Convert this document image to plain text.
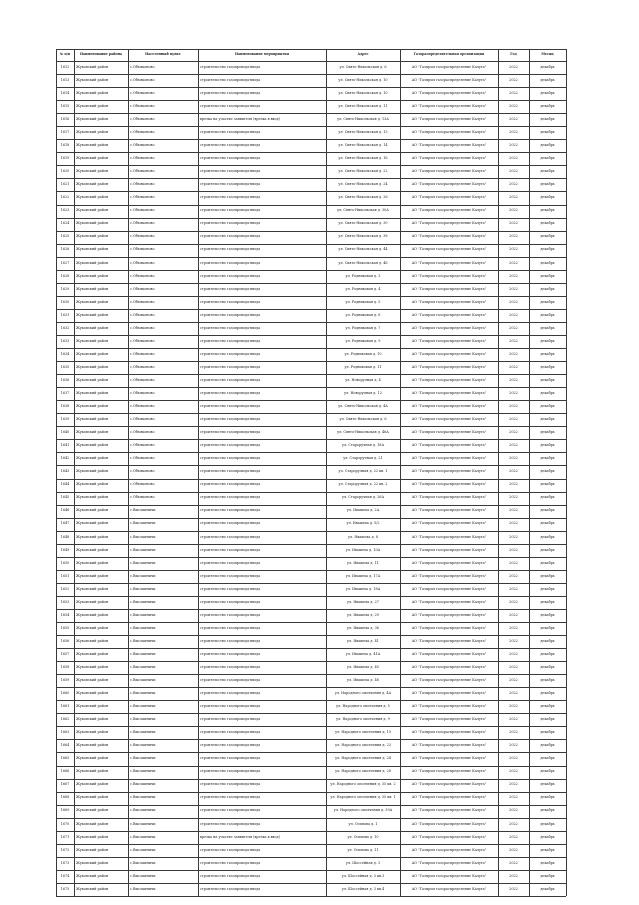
№ п/п	Наименование района	Населенный пункт	Наименование мероприятия	Адрес	Газораспределительная организация	Год	Месяц
1612	Жуковский район	с.Объяконово	строительство газопровода-ввода	ул. Свято-Никольская д. 6	АО "Газпром газораспределение Калуга"	2022	декабрь
1613	Жуковский район	с.Объяконово	строительство газопровода-ввода	ул. Свято-Никольская д. 10	АО "Газпром газораспределение Калуга"	2022	декабрь
1614	Жуковский район	с.Объяконово	строительство газопровода-ввода	ул. Свято-Никольская д. 10	АО "Газпром газораспределение Калуга"	2022	декабрь
1615	Жуковский район	с.Объяконово	строительство газопровода-ввода	ул. Свято-Никольская д. 11	АО "Газпром газораспределение Калуга"	2022	декабрь
1616	Жуковский район	с.Объяконово	врезка на участке заявителя (врезка в ввод)	ул. Свято-Никольская д. 13А	АО "Газпром газораспределение Калуга"	2022	декабрь
1617	Жуковский район	с.Объяконово	строительство газопровода-ввода	ул. Свято-Никольская д. 13	АО "Газпром газораспределение Калуга"	2022	декабрь
1618	Жуковский район	с.Объяконово	строительство газопровода-ввода	ул. Свято-Никольская д. 14	АО "Газпром газораспределение Калуга"	2022	декабрь
1619	Жуковский район	с.Объяконово	строительство газопровода-ввода	ул. Свято-Никольская д. 16	АО "Газпром газораспределение Калуга"	2022	декабрь
1620	Жуковский район	с.Объяконово	строительство газопровода-ввода	ул. Свято-Никольская д. 22	АО "Газпром газораспределение Калуга"	2022	декабрь
1621	Жуковский район	с.Объяконово	строительство газопровода-ввода	ул. Свято-Никольская д. 24	АО "Газпром газораспределение Калуга"	2022	декабрь
1622	Жуковский район	с.Объяконово	строительство газопровода-ввода	ул. Свято-Никольская д. 26	АО "Газпром газораспределение Калуга"	2022	декабрь
1623	Жуковский район	с.Объяконово	строительство газопровода-ввода	ул. Свято-Никольская д. 30А	АО "Газпром газораспределение Калуга"	2022	декабрь
1624	Жуковский район	с.Объяконово	строительство газопровода-ввода	ул. Свято-Никольская д. 30	АО "Газпром газораспределение Калуга"	2022	декабрь
1625	Жуковский район	с.Объяконово	строительство газопровода-ввода	ул. Свято-Никольская д. 38	АО "Газпром газораспределение Калуга"	2022	декабрь
1626	Жуковский район	с.Объяконово	строительство газопровода-ввода	ул. Свято-Никольская д. 44	АО "Газпром газораспределение Калуга"	2022	декабрь
1627	Жуковский район	с.Объяконово	строительство газопровода-ввода	ул. Свято-Никольская д. 46	АО "Газпром газораспределение Калуга"	2022	декабрь
1628	Жуковский район	с.Объяконово	строительство газопровода-ввода	ул. Родниковая д. 3	АО "Газпром газораспределение Калуга"	2022	декабрь
1629	Жуковский район	с.Объяконово	строительство газопровода-ввода	ул. Родниковая д. 4	АО "Газпром газораспределение Калуга"	2022	декабрь
1630	Жуковский район	с.Объяконово	строительство газопровода-ввода	ул. Родниковая д. 5	АО "Газпром газораспределение Калуга"	2022	декабрь
1631	Жуковский район	с.Объяконово	строительство газопровода-ввода	ул. Родниковая д. 6	АО "Газпром газораспределение Калуга"	2022	декабрь
1632	Жуковский район	с.Объяконово	строительство газопровода-ввода	ул. Родниковая д. 7	АО "Газпром газораспределение Калуга"	2022	декабрь
1633	Жуковский район	с.Объяконово	строительство газопровода-ввода	ул. Родниковая д. 9	АО "Газпром газораспределение Калуга"	2022	декабрь
1634	Жуковский район	с.Объяконово	строительство газопровода-ввода	ул. Родниковая д. 10	АО "Газпром газораспределение Калуга"	2022	декабрь
1635	Жуковский район	с.Объяконово	строительство газопровода-ввода	ул. Родниковая д. 11	АО "Газпром газораспределение Калуга"	2022	декабрь
1636	Жуковский район	с.Объяконово	строительство газопровода-ввода	ул. Новоручная д. 4	АО "Газпром газораспределение Калуга"	2022	декабрь
1637	Жуковский район	с.Объяконово	строительство газопровода-ввода	ул. Новоручная д. 12	АО "Газпром газораспределение Калуга"	2022	декабрь
1638	Жуковский район	с.Объяконово	строительство газопровода-ввода	ул. Свято-Никольская д. 4А	АО "Газпром газораспределение Калуга"	2022	декабрь
1639	Жуковский район	с.Объяконово	строительство газопровода-ввода	ул. Свято-Никольская д. 6	АО "Газпром газораспределение Калуга"	2022	декабрь
1640	Жуковский район	с.Объяконово	строительство газопровода-ввода	ул. Свято-Никольская д. 46А	АО "Газпром газораспределение Калуга"	2022	декабрь
1641	Жуковский район	с.Объяконово	строительство газопровода-ввода	ул. Староручная д. 18А	АО "Газпром газораспределение Калуга"	2022	декабрь
1642	Жуковский район	с.Объяконово	строительство газопровода-ввода	ул. Староручная д. 21	АО "Газпром газораспределение Калуга"	2022	декабрь
1643	Жуковский район	с.Объяконово	строительство газопровода-ввода	ул. Староручная д. 22 кв. 1	АО "Газпром газораспределение Калуга"	2022	декабрь
1644	Жуковский район	с.Объяконово	строительство газопровода-ввода	ул. Староручная д. 22 кв. 2	АО "Газпром газораспределение Калуга"	2022	декабрь
1645	Жуковский район	с.Объяконово	строительство газопровода-ввода	ул. Староручная д. 26А	АО "Газпром газораспределение Калуга"	2022	декабрь
1646	Жуковский район	с.Высокиничи	строительство газопровода-ввода	ул. Ивашеха д. 2А	АО "Газпром газораспределение Калуга"	2022	декабрь
1647	Жуковский район	с.Высокиничи	строительство газопровода-ввода	ул. Ивашеха д. 5/2	АО "Газпром газораспределение Калуга"	2022	декабрь
1648	Жуковский район	с.Высокиничи	строительство газопровода-ввода	ул. Ивашеха д. 8	АО "Газпром газораспределение Калуга"	2022	декабрь
1649	Жуковский район	с.Высокиничи	строительство газопровода-ввода	ул. Ивашеха д. 10А	АО "Газпром газораспределение Калуга"	2022	декабрь
1650	Жуковский район	с.Высокиничи	строительство газопровода-ввода	ул. Ивашеха д. 11	АО "Газпром газораспределение Калуга"	2022	декабрь
1651	Жуковский район	с.Высокиничи	строительство газопровода-ввода	ул. Ивашеха д. 17А	АО "Газпром газораспределение Калуга"	2022	декабрь
1652	Жуковский район	с.Высокиничи	строительство газопровода-ввода	ул. Ивашеха д. 18А	АО "Газпром газораспределение Калуга"	2022	декабрь
1653	Жуковский район	с.Высокиничи	строительство газопровода-ввода	ул. Ивашеха д. 27	АО "Газпром газораспределение Калуга"	2022	декабрь
1654	Жуковский район	с.Высокиничи	строительство газопровода-ввода	ул. Ивашеха д. 29	АО "Газпром газораспределение Калуга"	2022	декабрь
1655	Жуковский район	с.Высокиничи	строительство газопровода-ввода	ул. Ивашеха д. 36	АО "Газпром газораспределение Калуга"	2022	декабрь
1656	Жуковский район	с.Высокиничи	строительство газопровода-ввода	ул. Ивашеха д. 41	АО "Газпром газораспределение Калуга"	2022	декабрь
1657	Жуковский район	с.Высокиничи	строительство газопровода-ввода	ул. Ивашеха д. 41А	АО "Газпром газораспределение Калуга"	2022	декабрь
1658	Жуковский район	с.Высокиничи	строительство газопровода-ввода	ул. Ивашеха д. 45	АО "Газпром газораспределение Калуга"	2022	декабрь
1659	Жуковский район	с.Высокиничи	строительство газопровода-ввода	ул. Ивашеха д. 48	АО "Газпром газораспределение Калуга"	2022	декабрь
1660	Жуковский район	с.Высокиничи	строительство газопровода-ввода	ул. Народного ополчения д. 4А	АО "Газпром газораспределение Калуга"	2022	декабрь
1661	Жуковский район	с.Высокиничи	строительство газопровода-ввода	ул. Народного ополчения д. 5	АО "Газпром газораспределение Калуга"	2022	декабрь
1662	Жуковский район	с.Высокиничи	строительство газопровода-ввода	ул. Народного ополчения д. 9	АО "Газпром газораспределение Калуга"	2022	декабрь
1663	Жуковский район	с.Высокиничи	строительство газопровода-ввода	ул. Народного ополчения д. 19	АО "Газпром газораспределение Калуга"	2022	декабрь
1664	Жуковский район	с.Высокиничи	строительство газопровода-ввода	ул. Народного ополчения д. 23	АО "Газпром газораспределение Калуга"	2022	декабрь
1665	Жуковский район	с.Высокиничи	строительство газопровода-ввода	ул. Народного ополчения д. 24	АО "Газпром газораспределение Калуга"	2022	декабрь
1666	Жуковский район	с.Высокиничи	строительство газопровода-ввода	ул. Народного ополчения д. 28	АО "Газпром газораспределение Калуга"	2022	декабрь
1667	Жуковский район	с.Высокиничи	строительство газопровода-ввода	ул. Народного ополчения д. 35 кв. 2	АО "Газпром газораспределение Калуга"	2022	декабрь
1668	Жуковский район	с.Высокиничи	строительство газопровода-ввода	ул. Народного ополчения д. 35 кв. 1	АО "Газпром газораспределение Калуга"	2022	декабрь
1669	Жуковский район	с.Высокиничи	строительство газопровода-ввода	ул. Народного ополчения д. 39А	АО "Газпром газораспределение Калуга"	2022	декабрь
1670	Жуковский район	с.Высокиничи	строительство газопровода-ввода	ул. Осипова д. 1	АО "Газпром газораспределение Калуга"	2022	декабрь
1671	Жуковский район	с.Высокиничи	врезка на участке заявителя (врезка в ввод)	ул. Осипова д. 10	АО "Газпром газораспределение Калуга"	2022	декабрь
1672	Жуковский район	с.Высокиничи	строительство газопровода-ввода	ул. Осипова д. 11	АО "Газпром газораспределение Калуга"	2022	декабрь
1673	Жуковский район	с.Высокиничи	строительство газопровода-ввода	ул. Шоссейная д. 3	АО "Газпром газораспределение Калуга"	2022	декабрь
1674	Жуковский район	с.Высокиничи	строительство газопровода-ввода	ул. Шоссейная д. 3 кв.3	АО "Газпром газораспределение Калуга"	2022	декабрь
1675	Жуковский район	с.Высокиничи	строительство газопровода-ввода	ул. Шоссейная д. 3 кв.4	АО "Газпром газораспределение Калуга"	2022	декабрь
